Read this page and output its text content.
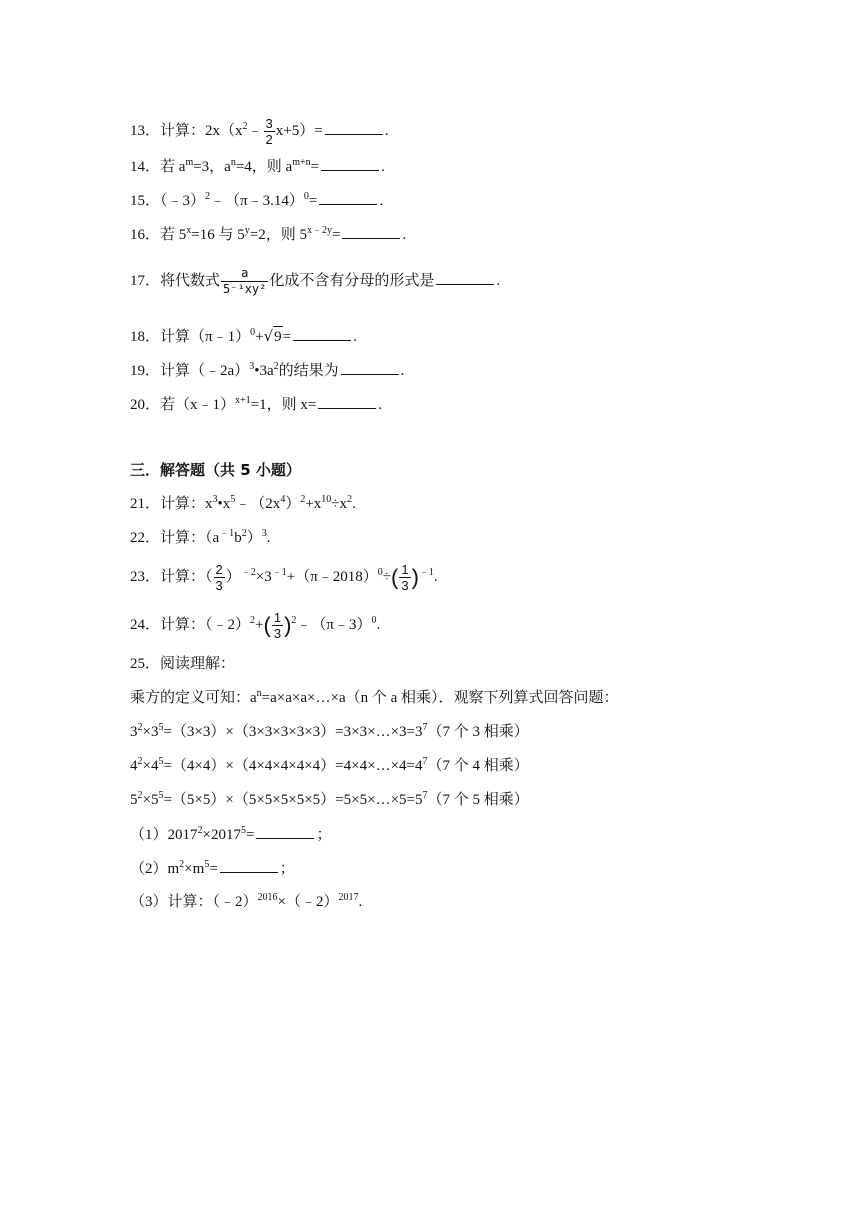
13．计算：$2x(x^2﹣ \frac{3}{2} x+5)=$	.
14．若 $a^m=3$，$a^n=4$，则 $a^{m+n}=$	.
15．（﹣3）$^2$﹣（π﹣3.14）$^0$=	.
16．若 $5^x=16$ 与 $5^y=2$，则 $5^{x﹣2y}=$	.
17．将代数式 $\frac{a}{\text{5⁻¹xy²}}$ 化成不含有分母的形式是	.
18．计算（π﹣1）$^0$+√9=	.
19．计算$(﹣2a)^3•3a^2$的结果为	.
20．若（x﹣1）$^{x+1}$=1，则 x=	.
三．解答题（共 5 小题）
21．计算：$x^3•x^5﹣(2x^4)^2+x^{10}\div x^2$.
22．计算：$(a^{﹣1}b^2)^3$.
23．计算：（ $\frac{2}{3}$ ）$^{﹣2}\times 3^{﹣1}+(\pi﹣2018)^0\div( \frac{1}{3} )^{﹣1}$.
24．计算：（﹣2）$^2$+( $\frac{1}{3}$ )$^2$﹣（π﹣3）$^0$.
25．阅读理解：
乘方的定义可知：$a^n=a\times a\times a\times\dots\times a(n$ 个 a 相乘）．观察下列算式回答问题：
$3^2\times 3^5=(3\times 3)\times(3\times 3\times 3\times 3\times 3)=3\times 3\times\dots\times 3=3^7(7$ 个 3 相乘）
$4^2\times 4^5=(4\times 4)\times(4\times 4\times 4\times 4\times 4)=4\times 4\times\dots\times 4=4^7(7$ 个 4 相乘）
$5^2\times 5^5=(5\times 5)\times(5\times 5\times 5\times 5\times 5)=5\times 5\times\dots\times 5=5^7(7$ 个 5 相乘）
$(1)2017^2\times 2017^5=$	；
$(2)m^2\times m^5=$	；
（3）计算：（﹣2）$^{2016}$×（﹣2）$^{2017}$.
